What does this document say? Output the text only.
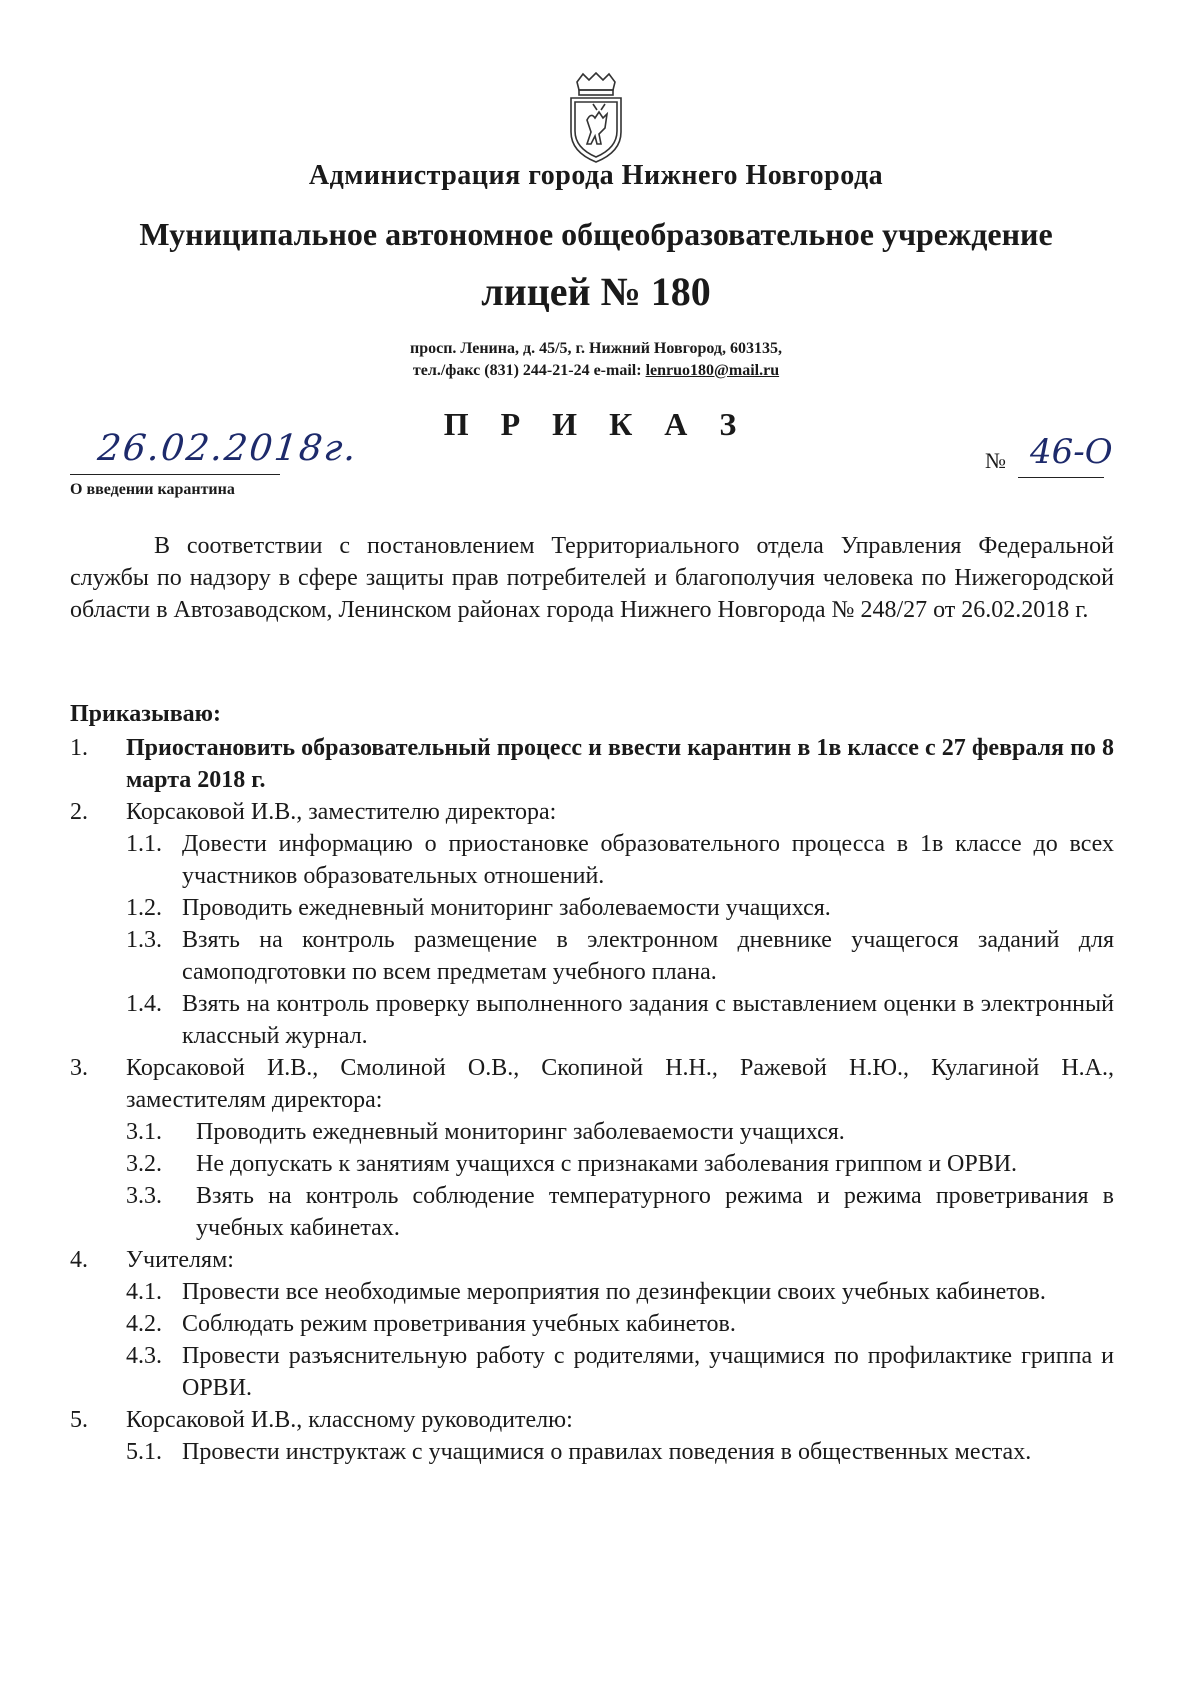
Администрация города Нижнего Новгорода
Муниципальное автономное общеобразовательное учреждение
лицей № 180
просп. Ленина, д. 45/5, г. Нижний Новгород, 603135,
тел./факс (831) 244-21-24 e-mail: lenruo180@mail.ru
П Р И К А З
26.02.2018г.	№ 46-О
О введении карантина
В соответствии с постановлением Территориального отдела Управления Федеральной службы по надзору в сфере защиты прав потребителей и благополучия человека по Нижегородской области в Автозаводском, Ленинском районах города Нижнего Новгорода № 248/27 от 26.02.2018 г.
Приказываю:
1.	Приостановить образовательный процесс и ввести карантин в 1в классе с 27 февраля по 8 марта 2018 г.
2.	Корсаковой И.В., заместителю директора:
1.1. Довести информацию о приостановке образовательного процесса в 1в классе до всех участников образовательных отношений.
1.2. Проводить ежедневный мониторинг заболеваемости учащихся.
1.3. Взять на контроль размещение в электронном дневнике учащегося заданий для самоподготовки по всем предметам учебного плана.
1.4. Взять на контроль проверку выполненного задания с выставлением оценки в электронный классный журнал.
3.	Корсаковой И.В., Смолиной О.В., Скопиной Н.Н., Ражевой Н.Ю., Кулагиной Н.А., заместителям директора:
3.1.	Проводить ежедневный мониторинг заболеваемости учащихся.
3.2.	Не допускать к занятиям учащихся с признаками заболевания гриппом и ОРВИ.
3.3.	Взять на контроль соблюдение температурного режима и режима проветривания в учебных кабинетах.
4.	Учителям:
4.1. Провести все необходимые мероприятия по дезинфекции своих учебных кабинетов.
4.2. Соблюдать режим проветривания учебных кабинетов.
4.3. Провести разъяснительную работу с родителями, учащимися по профилактике гриппа и ОРВИ.
5.	Корсаковой И.В., классному руководителю:
5.1. Провести инструктаж с учащимися о правилах поведения в общественных местах.
